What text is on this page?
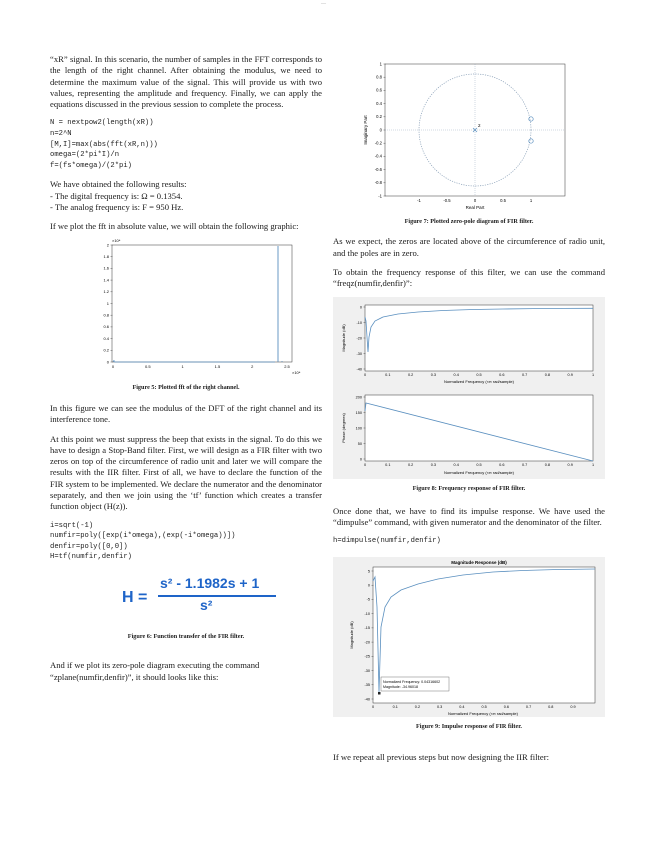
—

“xR” signal. In this scenario, the number of samples in the FFT corresponds to the length of the right channel. After obtaining the modulus, we need to determine the maximum value of the signal. This will provide us with two values, representing the amplitude and frequency. Finally, we can apply the equations discussed in the previous session to complete the process.

N = nextpow2(length(xR))
n=2^N
[M,I]=max(abs(fft(xR,n)))
omega=(2*pi*I)/n
f=(fs*omega)/(2*pi)

We have obtained the following results:

- The digital frequency is: Ω = 0.1354.

- The analog frequency is: F = 950 Hz.

If we plot the fft in absolute value, we will obtain the following graphic:

×10⁴
2
1.8
1.6
1.4
1.2
1
0.8
0.6
0.4
0.2
0
0	0.5	1	1.5	2	2.5
×10⁴

Figure 5: Plotted fft of the right channel.

In this figure we can see the modulus of the DFT of the right channel and its interference tone.

At this point we must suppress the beep that exists in the signal. To do this we have to design a Stop-Band filter. First, we will design as a FIR filter with two zeros on top of the circumference of radio unit and later we will compare the results with the IIR filter. First of all, we have to declare the function of the FIR system to be implemented. We declare the numerator and the denominator separately, and then we join using the ‘tf’ function which creates a transfer function object (H(z)).

i=sqrt(-1)
numfir=poly([exp(i*omega),(exp(-i*omega))])
denfir=poly([0,0])
H=tf(numfir,denfir)
H =
s² - 1.1982s + 1
s²

Figure 6: Function transfer of the FIR filter.

And if we plot its zero-pole diagram executing the command “zplane(numfir,denfir)”, it should looks like this:

1
0.8
0.6
0.4
0.2
0
-0.2
-0.4
-0.6
-0.8
-1
-1	-0.5	0	0.5	1
2
Real Part
Imaginary Part

Figure 7: Plotted zero-pole diagram of FIR filter.

As we expect, the zeros are located above of the circumference of radio unit, and the poles are in zero.

To obtain the frequency response of this filter, we can use the command “freqz(numfir,denfir)”:

0
-10
-20
-30
-40
0	0.1	0.2	0.3	0.4	0.5	0.6	0.7	0.8	0.9	1
Magnitude (dB)
Normalized Frequency (×π rad/sample)
200
150
100
50
0
0	0.1	0.2	0.3	0.4	0.5	0.6	0.7	0.8	0.9	1
Phase (degrees)
Normalized Frequency (×π rad/sample)

Figure 8: Frequency response of FIR filter.

Once done that, we have to find its impulse response. We have used the “dimpulse” command, with given numerator and the denominator of the filter.

h=dimpulse(numfir,denfir)
Magnitude Response (dB)
5
0
-5
-10
-15
-20
-25
-30
-35
-40
0	0.1	0.2	0.3	0.4	0.5	0.6	0.7	0.8	0.9
Normalized Frequency: 0.04316602
Magnitude: -34.96018
Magnitude (dB)
Normalized Frequency (×π rad/sample)

Figure 9: Impulse response of FIR filter.

If we repeat all previous steps but now designing the IIR filter:
